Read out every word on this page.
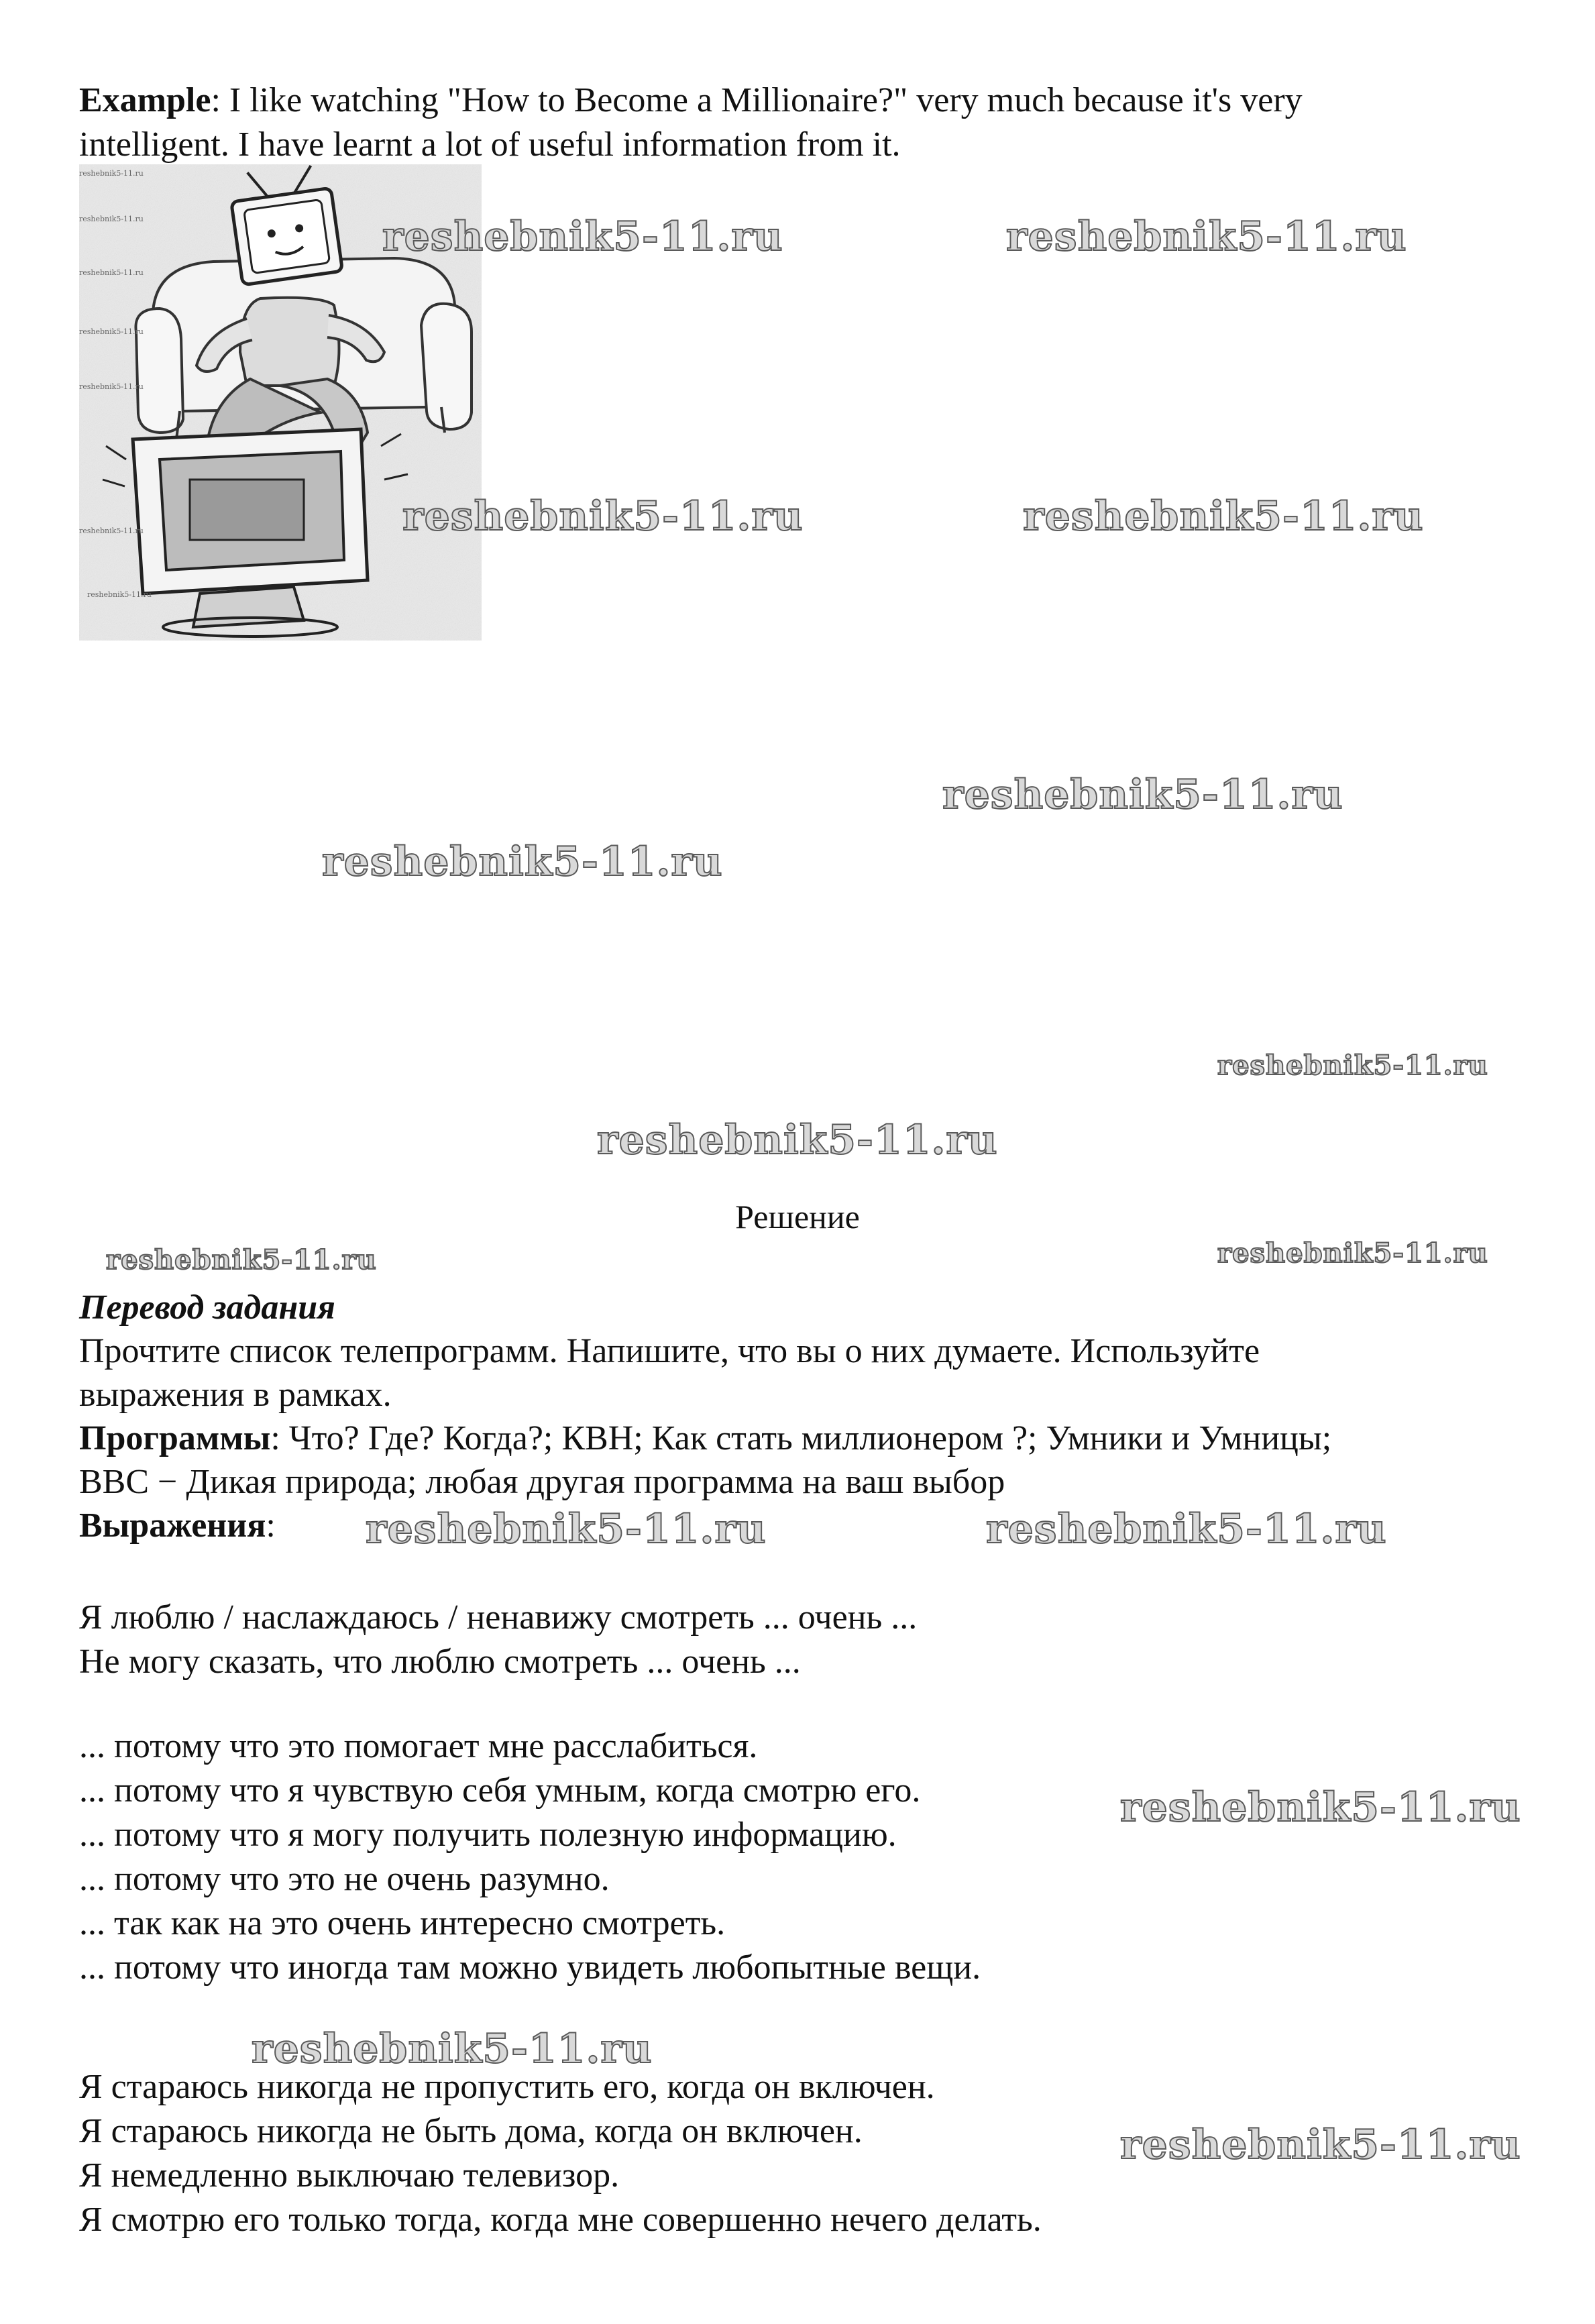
Example: I like watching "How to Become a Millionaire?" very much because it's very
intelligent. I have learnt a lot of useful information from it.
reshebnik5-11.ru
reshebnik5-11.ru
reshebnik5-11.ru
reshebnik5-11.ru
reshebnik5-11.ru
reshebnik5-11.ru
reshebnik5-11.ru
reshebnik5-11.ru	reshebnik5-11.ru
reshebnik5-11.ru	reshebnik5-11.ru
reshebnik5-11.ru
reshebnik5-11.ru
reshebnik5-11.ru
reshebnik5-11.ru
reshebnik5-11.ru	reshebnik5-11.ru
reshebnik5-11.ru	reshebnik5-11.ru
reshebnik5-11.ru
reshebnik5-11.ru
reshebnik5-11.ru
Решение
Перевод задания
Прочтите список телепрограмм. Напишите, что вы о них думаете. Используйте
выражения в рамках.
Программы: Что? Где? Когда?; КВН; Как стать миллионером ?; Умники и Умницы;
BBC − Дикая природа; любая другая программа на ваш выбор
Выражения:
Я люблю / наслаждаюсь / ненавижу смотреть ... очень ...
Не могу сказать, что люблю смотреть ... очень ...
... потому что это помогает мне расслабиться.
... потому что я чувствую себя умным, когда смотрю его.
... потому что я могу получить полезную информацию.
... потому что это не очень разумно.
... так как на это очень интересно смотреть.
... потому что иногда там можно увидеть любопытные вещи.
Я стараюсь никогда не пропустить его, когда он включен.
Я стараюсь никогда не быть дома, когда он включен.
Я немедленно выключаю телевизор.
Я смотрю его только тогда, когда мне совершенно нечего делать.
